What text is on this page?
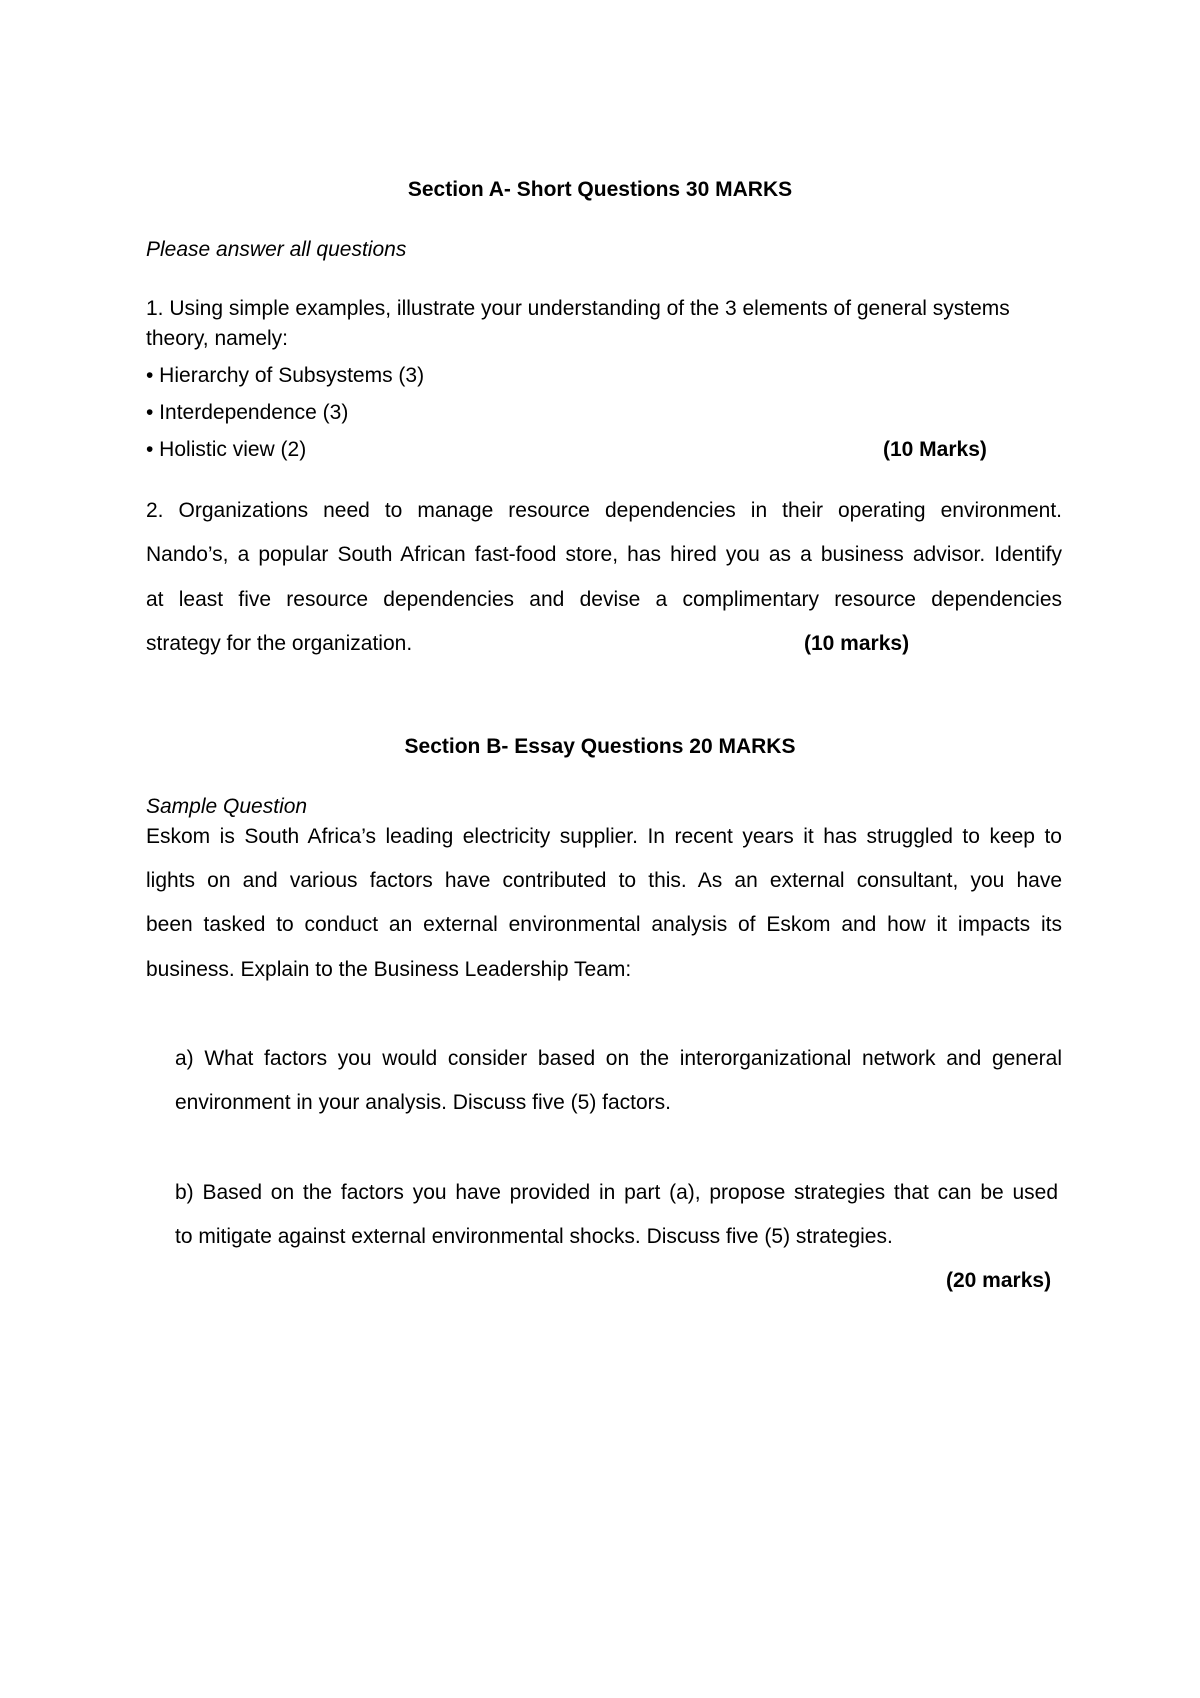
Section A- Short Questions 30 MARKS
Please answer all questions
1. Using simple examples, illustrate your understanding of the 3 elements of general systems
theory, namely:
• Hierarchy of Subsystems (3)
• Interdependence (3)
• Holistic view (2)	(10 Marks)
2. Organizations need to manage resource dependencies in their operating environment.
Nando’s, a popular South African fast-food store, has hired you as a business advisor. Identify
at least five resource dependencies and devise a complimentary resource dependencies
strategy for the organization.	(10 marks)
Section B- Essay Questions 20 MARKS
Sample Question
Eskom is South Africa’s leading electricity supplier. In recent years it has struggled to keep to
lights on and various factors have contributed to this. As an external consultant, you have
been tasked to conduct an external environmental analysis of Eskom and how it impacts its
business. Explain to the Business Leadership Team:
a) What factors you would consider based on the interorganizational network and general
environment in your analysis. Discuss five (5) factors.
b) Based on the factors you have provided in part (a), propose strategies that can be used
to mitigate against external environmental shocks. Discuss five (5) strategies.
(20 marks)
